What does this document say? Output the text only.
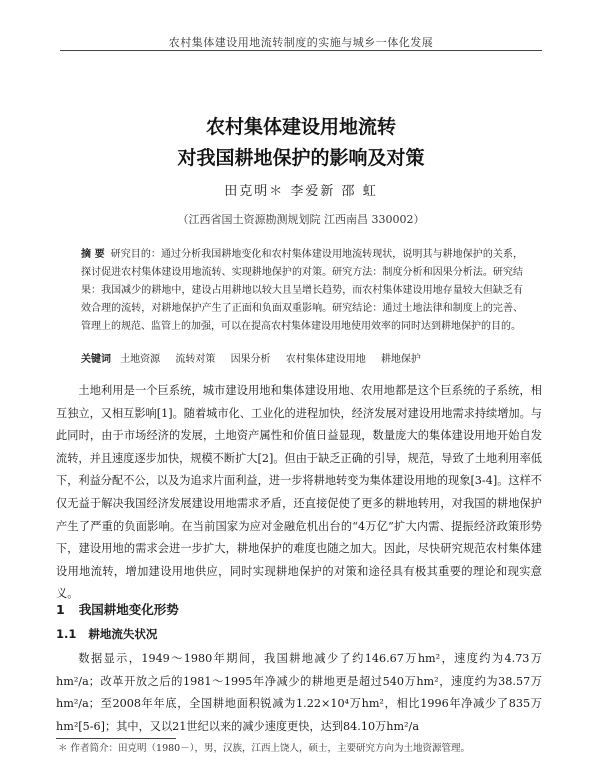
农村集体建设用地流转制度的实施与城乡一体化发展
农村集体建设用地流转
对我国耕地保护的影响及对策
田克明＊ 李爱新 邵 虹
（江西省国土资源勘测规划院 江西南昌 330002）
摘 要 研究目的：通过分析我国耕地变化和农村集体建设用地流转现状，说明其与耕地保护的关系，探讨促进农村集体建设用地流转、实现耕地保护的对策。研究方法：制度分析和因果分析法。研究结果：我国减少的耕地中，建设占用耕地以较大且呈增长趋势，而农村集体建设用地存量较大但缺乏有效合理的流转，对耕地保护产生了正面和负面双重影响。研究结论：通过土地法律和制度上的完善、管理上的规范、监管上的加强，可以在提高农村集体建设用地使用效率的同时达到耕地保护的目的。
关键词 土地资源 流转对策 因果分析 农村集体建设用地 耕地保护
土地利用是一个巨系统，城市建设用地和集体建设用地、农用地都是这个巨系统的子系统，相互独立，又相互影响[1]。随着城市化、工业化的进程加快，经济发展对建设用地需求持续增加。与此同时，由于市场经济的发展，土地资产属性和价值日益显现，数量庞大的集体建设用地开始自发流转，并且速度逐步加快，规模不断扩大[2]。但由于缺乏正确的引导，规范，导致了土地利用率低下，利益分配不公，以及为追求片面利益，进一步将耕地转变为集体建设用地的现象[3-4]。这样不仅无益于解决我国经济发展建设用地需求矛盾，还直接促使了更多的耕地转用，对我国的耕地保护产生了严重的负面影响。在当前国家为应对金融危机出台的“4万亿”扩大内需、提振经济政策形势下，建设用地的需求会进一步扩大，耕地保护的难度也随之加大。因此，尽快研究规范农村集体建设用地流转，增加建设用地供应，同时实现耕地保护的对策和途径具有极其重要的理论和现实意义。
1 我国耕地变化形势
1.1 耕地流失状况
数据显示，1949～1980年期间，我国耕地减少了约146.67万hm²，速度约为4.73万hm²/a；改革开放之后的1981～1995年净减少的耕地更是超过540万hm²，速度约为38.57万hm²/a；至2008年年底，全国耕地面积锐减为1.22×10⁴万hm²，相比1996年净减少了835万hm²[5-6]；其中，又以21世纪以来的减少速度更快，达到84.10万hm²/a
＊ 作者简介：田克明（1980－），男，汉族，江西上饶人，硕士，主要研究方向为土地资源管理。
